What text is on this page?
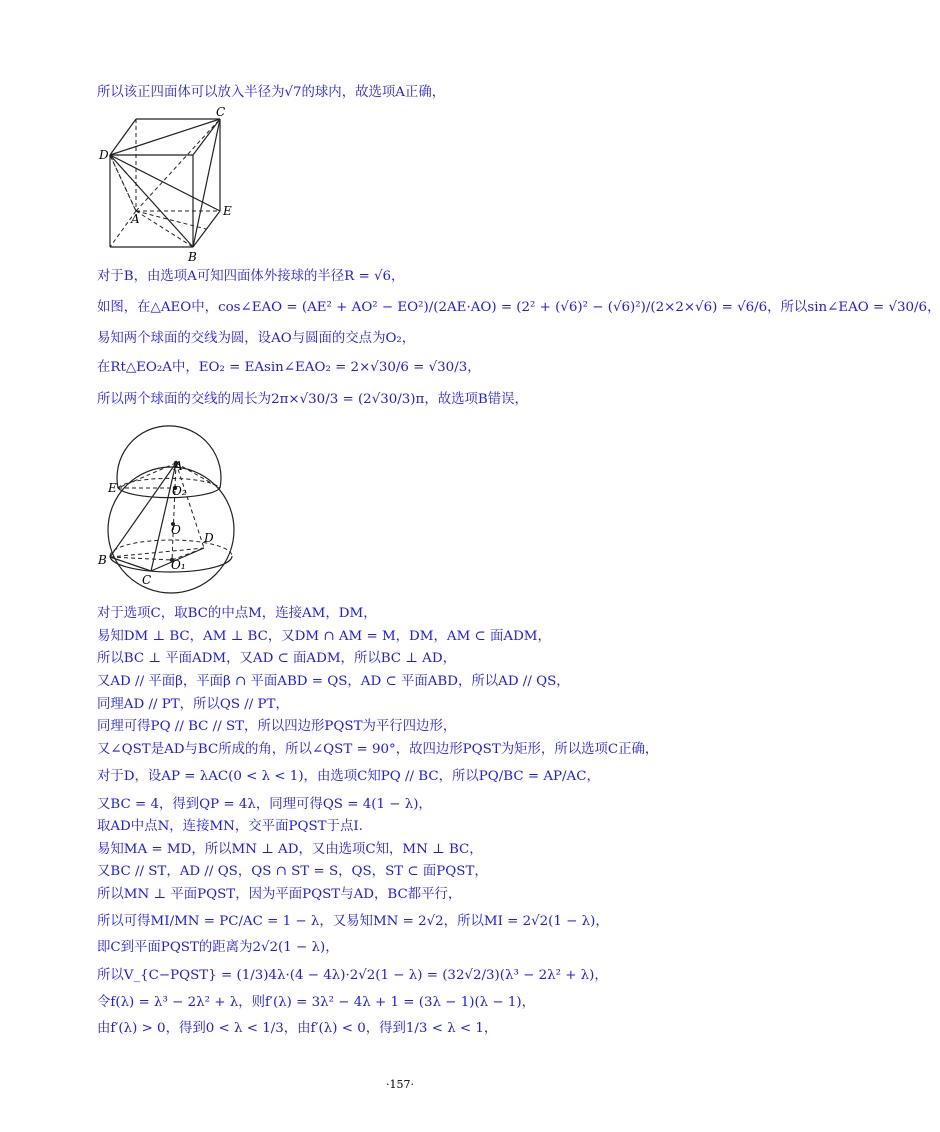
所以该正四面体可以放入半径为√7的球内，故选项A正确，
C
D
A
E
B
对于B，由选项A可知四面体外接球的半径R = √6，
如图，在△AEO中，cos∠EAO = (AE² + AO² − EO²)/(2AE·AO) = (2² + (√6)² − (√6)²)/(2×2×√6) = √6/6，所以sin∠EAO = √30/6，
易知两个球面的交线为圆，设AO与圆面的交点为O₂，
在Rt△EO₂A中，EO₂ = EAsin∠EAO₂ = 2×√30/6 = √30/3，
所以两个球面的交线的周长为2π×√30/3 = (2√30/3)π，故选项B错误，
A
E	O₂
O
D
B	O₁
C
对于选项C，取BC的中点M，连接AM，DM，
易知DM ⊥ BC，AM ⊥ BC，又DM ∩ AM = M，DM，AM ⊂ 面ADM，
所以BC ⊥ 平面ADM，又AD ⊂ 面ADM，所以BC ⊥ AD，
又AD // 平面β，平面β ∩ 平面ABD = QS，AD ⊂ 平面ABD，所以AD // QS，
同理AD // PT，所以QS // PT，
同理可得PQ // BC // ST，所以四边形PQST为平行四边形，
又∠QST是AD与BC所成的角，所以∠QST = 90°，故四边形PQST为矩形，所以选项C正确，
对于D，设AP = λAC(0 < λ < 1)，由选项C知PQ // BC，所以PQ/BC = AP/AC，
又BC = 4，得到QP = 4λ，同理可得QS = 4(1 − λ)，
取AD中点N，连接MN，交平面PQST于点I.
易知MA = MD，所以MN ⊥ AD，又由选项C知，MN ⊥ BC，
又BC // ST，AD // QS，QS ∩ ST = S，QS，ST ⊂ 面PQST，
所以MN ⊥ 平面PQST，因为平面PQST与AD，BC都平行，
所以可得MI/MN = PC/AC = 1 − λ，又易知MN = 2√2，所以MI = 2√2(1 − λ)，
即C到平面PQST的距离为2√2(1 − λ)，
所以V_{C−PQST} = (1/3)4λ·(4 − 4λ)·2√2(1 − λ) = (32√2/3)(λ³ − 2λ² + λ)，
令f(λ) = λ³ − 2λ² + λ，则f′(λ) = 3λ² − 4λ + 1 = (3λ − 1)(λ − 1)，
由f′(λ) > 0，得到0 < λ < 1/3，由f′(λ) < 0，得到1/3 < λ < 1，
·157·
